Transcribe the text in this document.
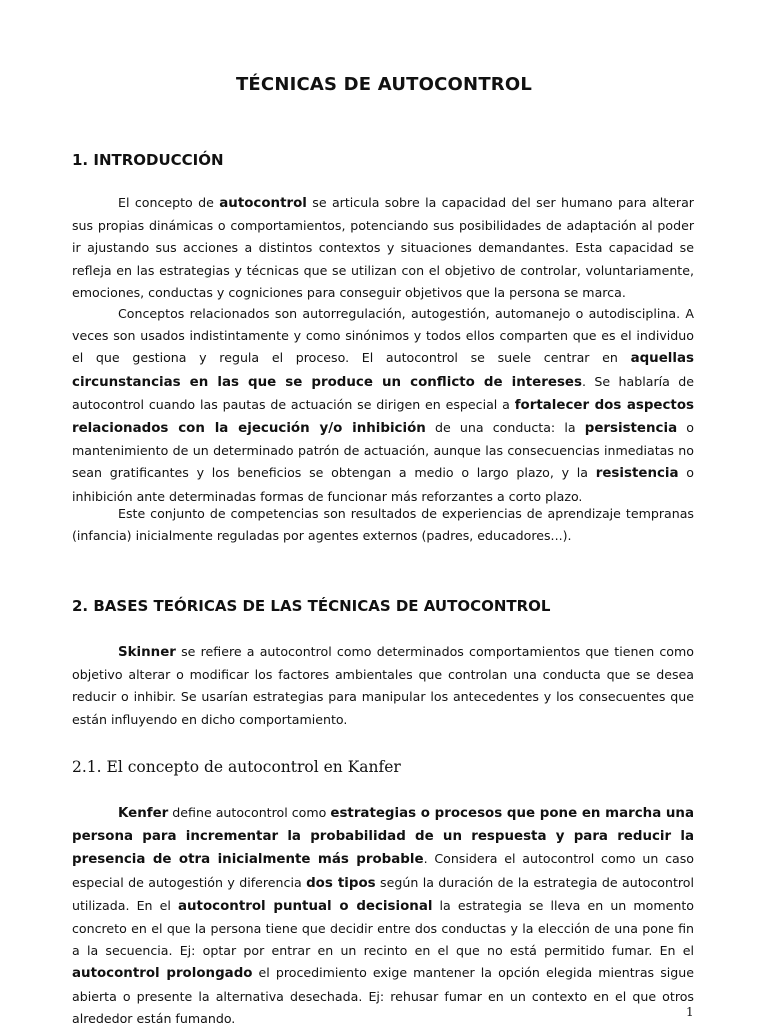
TÉCNICAS DE AUTOCONTROL
1. INTRODUCCIÓN

El concepto de autocontrol se articula sobre la capacidad del ser humano para alterar sus propias dinámicas o comportamientos, potenciando sus posibilidades de adaptación al poder ir ajustando sus acciones a distintos contextos y situaciones demandantes. Esta capacidad se refleja en las estrategias y técnicas que se utilizan con el objetivo de controlar, voluntariamente, emociones, conductas y cogniciones para conseguir objetivos que la persona se marca.

Conceptos relacionados son autorregulación, autogestión, automanejo o autodisciplina. A veces son usados indistintamente y como sinónimos y todos ellos comparten que es el individuo el que gestiona y regula el proceso. El autocontrol se suele centrar en aquellas circunstancias en las que se produce un conflicto de intereses. Se hablaría de autocontrol cuando las pautas de actuación se dirigen en especial a fortalecer dos aspectos relacionados con la ejecución y/o inhibición de una conducta: la persistencia o mantenimiento de un determinado patrón de actuación, aunque las consecuencias inmediatas no sean gratificantes y los beneficios se obtengan a medio o largo plazo, y la resistencia o inhibición ante determinadas formas de funcionar más reforzantes a corto plazo.

Este conjunto de competencias son resultados de experiencias de aprendizaje tempranas (infancia) inicialmente reguladas por agentes externos (padres, educadores...).

2. BASES TEÓRICAS DE LAS TÉCNICAS DE AUTOCONTROL

Skinner se refiere a autocontrol como determinados comportamientos que tienen como objetivo alterar o modificar los factores ambientales que controlan una conducta que se desea reducir o inhibir. Se usarían estrategias para manipular los antecedentes y los consecuentes que están influyendo en dicho comportamiento.

2.1. El concepto de autocontrol en Kanfer

Kenfer define autocontrol como estrategias o procesos que pone en marcha una persona para incrementar la probabilidad de un respuesta y para reducir la presencia de otra inicialmente más probable. Considera el autocontrol como un caso especial de autogestión y diferencia dos tipos según la duración de la estrategia de autocontrol utilizada. En el autocontrol puntual o decisional la estrategia se lleva en un momento concreto en el que la persona tiene que decidir entre dos conductas y la elección de una pone fin a la secuencia. Ej: optar por entrar en un recinto en el que no está permitido fumar. En el autocontrol prolongado el procedimiento exige mantener la opción elegida mientras sigue abierta o presente la alternativa desechada. Ej: rehusar fumar en un contexto en el que otros alrededor están fumando.	1
